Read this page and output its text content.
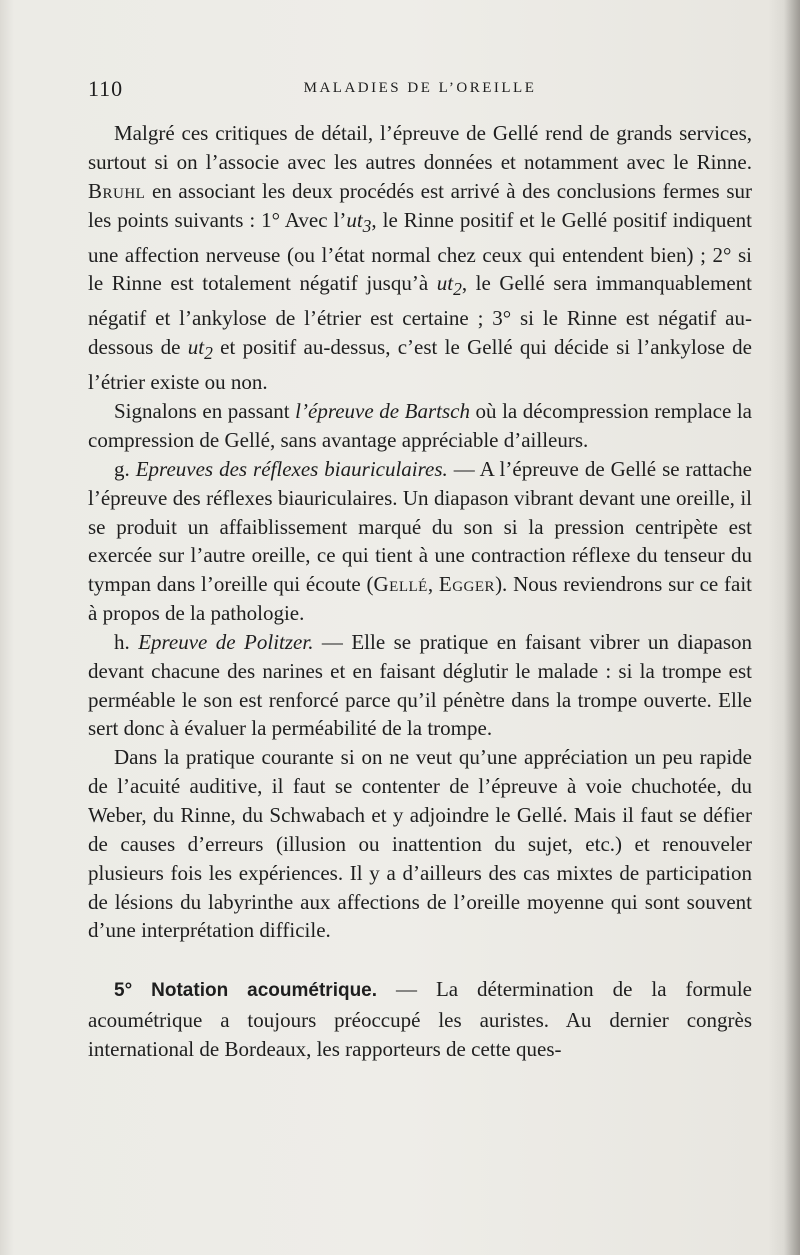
110	MALADIES DE L’OREILLE

Malgré ces critiques de détail, l’épreuve de Gellé rend de grands services, surtout si on l’associe avec les autres données et notamment avec le Rinne. Bruhl en associant les deux procédés est arrivé à des conclusions fermes sur les points suivants : 1° Avec $l’ut_3$, le Rinne positif et le Gellé positif indiquent une affection nerveuse (ou l’état normal chez ceux qui entendent bien) ; 2° si le Rinne est totalement négatif jusqu’à $ut_2$, le Gellé sera immanquablement négatif et l’ankylose de l’étrier est certaine ; 3° si le Rinne est négatif au-dessous de $ut_2$ et positif au-dessus, c’est le Gellé qui décide si l’ankylose de l’étrier existe ou non.

Signalons en passant l’épreuve de Bartsch où la décompression remplace la compression de Gellé, sans avantage appréciable d’ailleurs.

g. Epreuves des réflexes biauriculaires. — A l’épreuve de Gellé se rattache l’épreuve des réflexes biauriculaires. Un diapason vibrant devant une oreille, il se produit un affaiblissement marqué du son si la pression centripète est exercée sur l’autre oreille, ce qui tient à une contraction réflexe du tenseur du tympan dans l’oreille qui écoute (Gellé, Egger). Nous reviendrons sur ce fait à propos de la pathologie.

h. Epreuve de Politzer. — Elle se pratique en faisant vibrer un diapason devant chacune des narines et en faisant déglutir le malade : si la trompe est perméable le son est renforcé parce qu’il pénètre dans la trompe ouverte. Elle sert donc à évaluer la perméabilité de la trompe.

Dans la pratique courante si on ne veut qu’une appréciation un peu rapide de l’acuité auditive, il faut se contenter de l’épreuve à voie chuchotée, du Weber, du Rinne, du Schwabach et y adjoindre le Gellé. Mais il faut se défier de causes d’erreurs (illusion ou inattention du sujet, etc.) et renouveler plusieurs fois les expériences. Il y a d’ailleurs des cas mixtes de participation de lésions du labyrinthe aux affections de l’oreille moyenne qui sont souvent d’une interprétation difficile.

5° Notation acoumétrique. — La détermination de la formule acoumétrique a toujours préoccupé les auristes. Au dernier congrès international de Bordeaux, les rapporteurs de cette ques-
